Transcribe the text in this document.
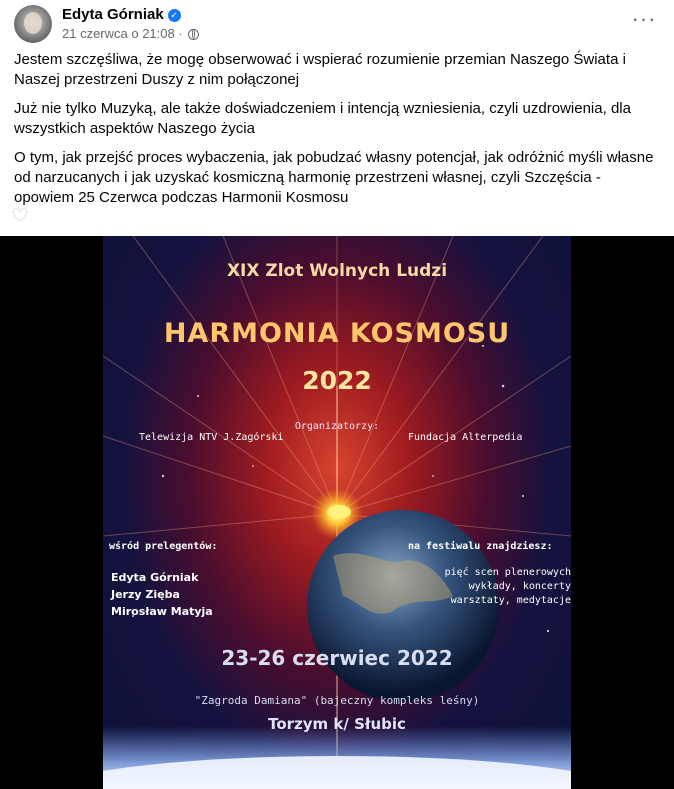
Edyta Górniak ✓
21 czerwca o 21:08 ·
···

Jestem szczęśliwa, że mogę obserwować i wspierać rozumienie przemian Naszego Świata i Naszej przestrzeni Duszy z nim połączonej

Już nie tylko Muzyką, ale także doświadczeniem i intencją wzniesienia, czyli uzdrowienia, dla wszystkich aspektów Naszego życia

O tym, jak przejść proces wybaczenia, jak pobudzać własny potencjał, jak odróżnić myśli własne od narzucanych i jak uzyskać kosmiczną harmonię przestrzeni własnej, czyli Szczęścia - opowiem 25 Czerwca podczas Harmonii Kosmosu

XIX Zlot Wolnych Ludzi
HARMONIA KOSMOSU
2022
Organizatorzy:
Telewizja NTV J.Zagórski	Fundacja Alterpedia
wśród prelegentów:	na festiwalu znajdziesz:
Edyta Górniak
Jerzy Zięba
Mirosław Matyja
pięć scen plenerowych
wykłady, koncerty
warsztaty, medytacje
23-26 czerwiec 2022
"Zagroda Damiana" (bajeczny kompleks leśny)
Torzym k/ Słubic
